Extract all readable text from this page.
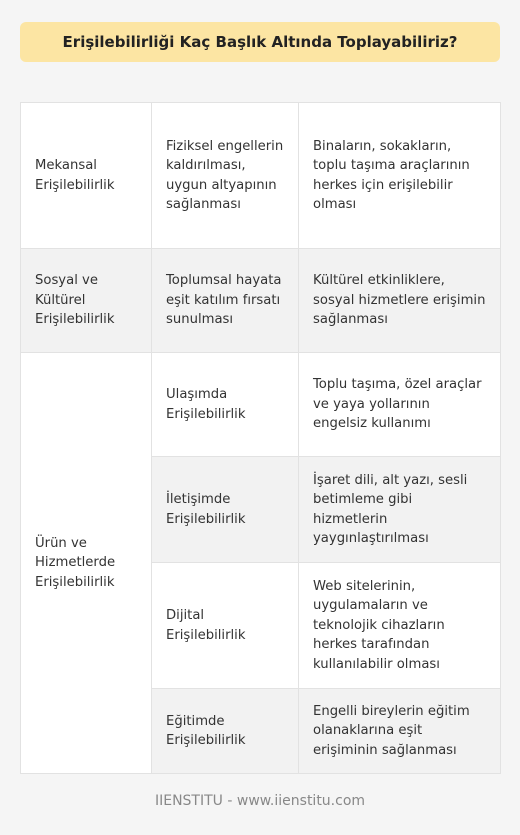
Erişilebilirliği Kaç Başlık Altında Toplayabiliriz?
Mekansal Erişilebilirlik
Fiziksel engellerin kaldırılması, uygun altyapının sağlanması
Binaların, sokakların, toplu taşıma araçlarının herkes için erişilebilir olması
Sosyal ve Kültürel Erişilebilirlik
Toplumsal hayata eşit katılım fırsatı sunulması
Kültürel etkinliklere, sosyal hizmetlere erişimin sağlanması
Ürün ve Hizmetlerde Erişilebilirlik
Ulaşımda Erişilebilirlik
Toplu taşıma, özel araçlar ve yaya yollarının engelsiz kullanımı
İletişimde Erişilebilirlik
İşaret dili, alt yazı, sesli betimleme gibi hizmetlerin yaygınlaştırılması
Dijital Erişilebilirlik
Web sitelerinin, uygulamaların ve teknolojik cihazların herkes tarafından kullanılabilir olması
Eğitimde Erişilebilirlik
Engelli bireylerin eğitim olanaklarına eşit erişiminin sağlanması
IIENSTITU - www.iienstitu.com
